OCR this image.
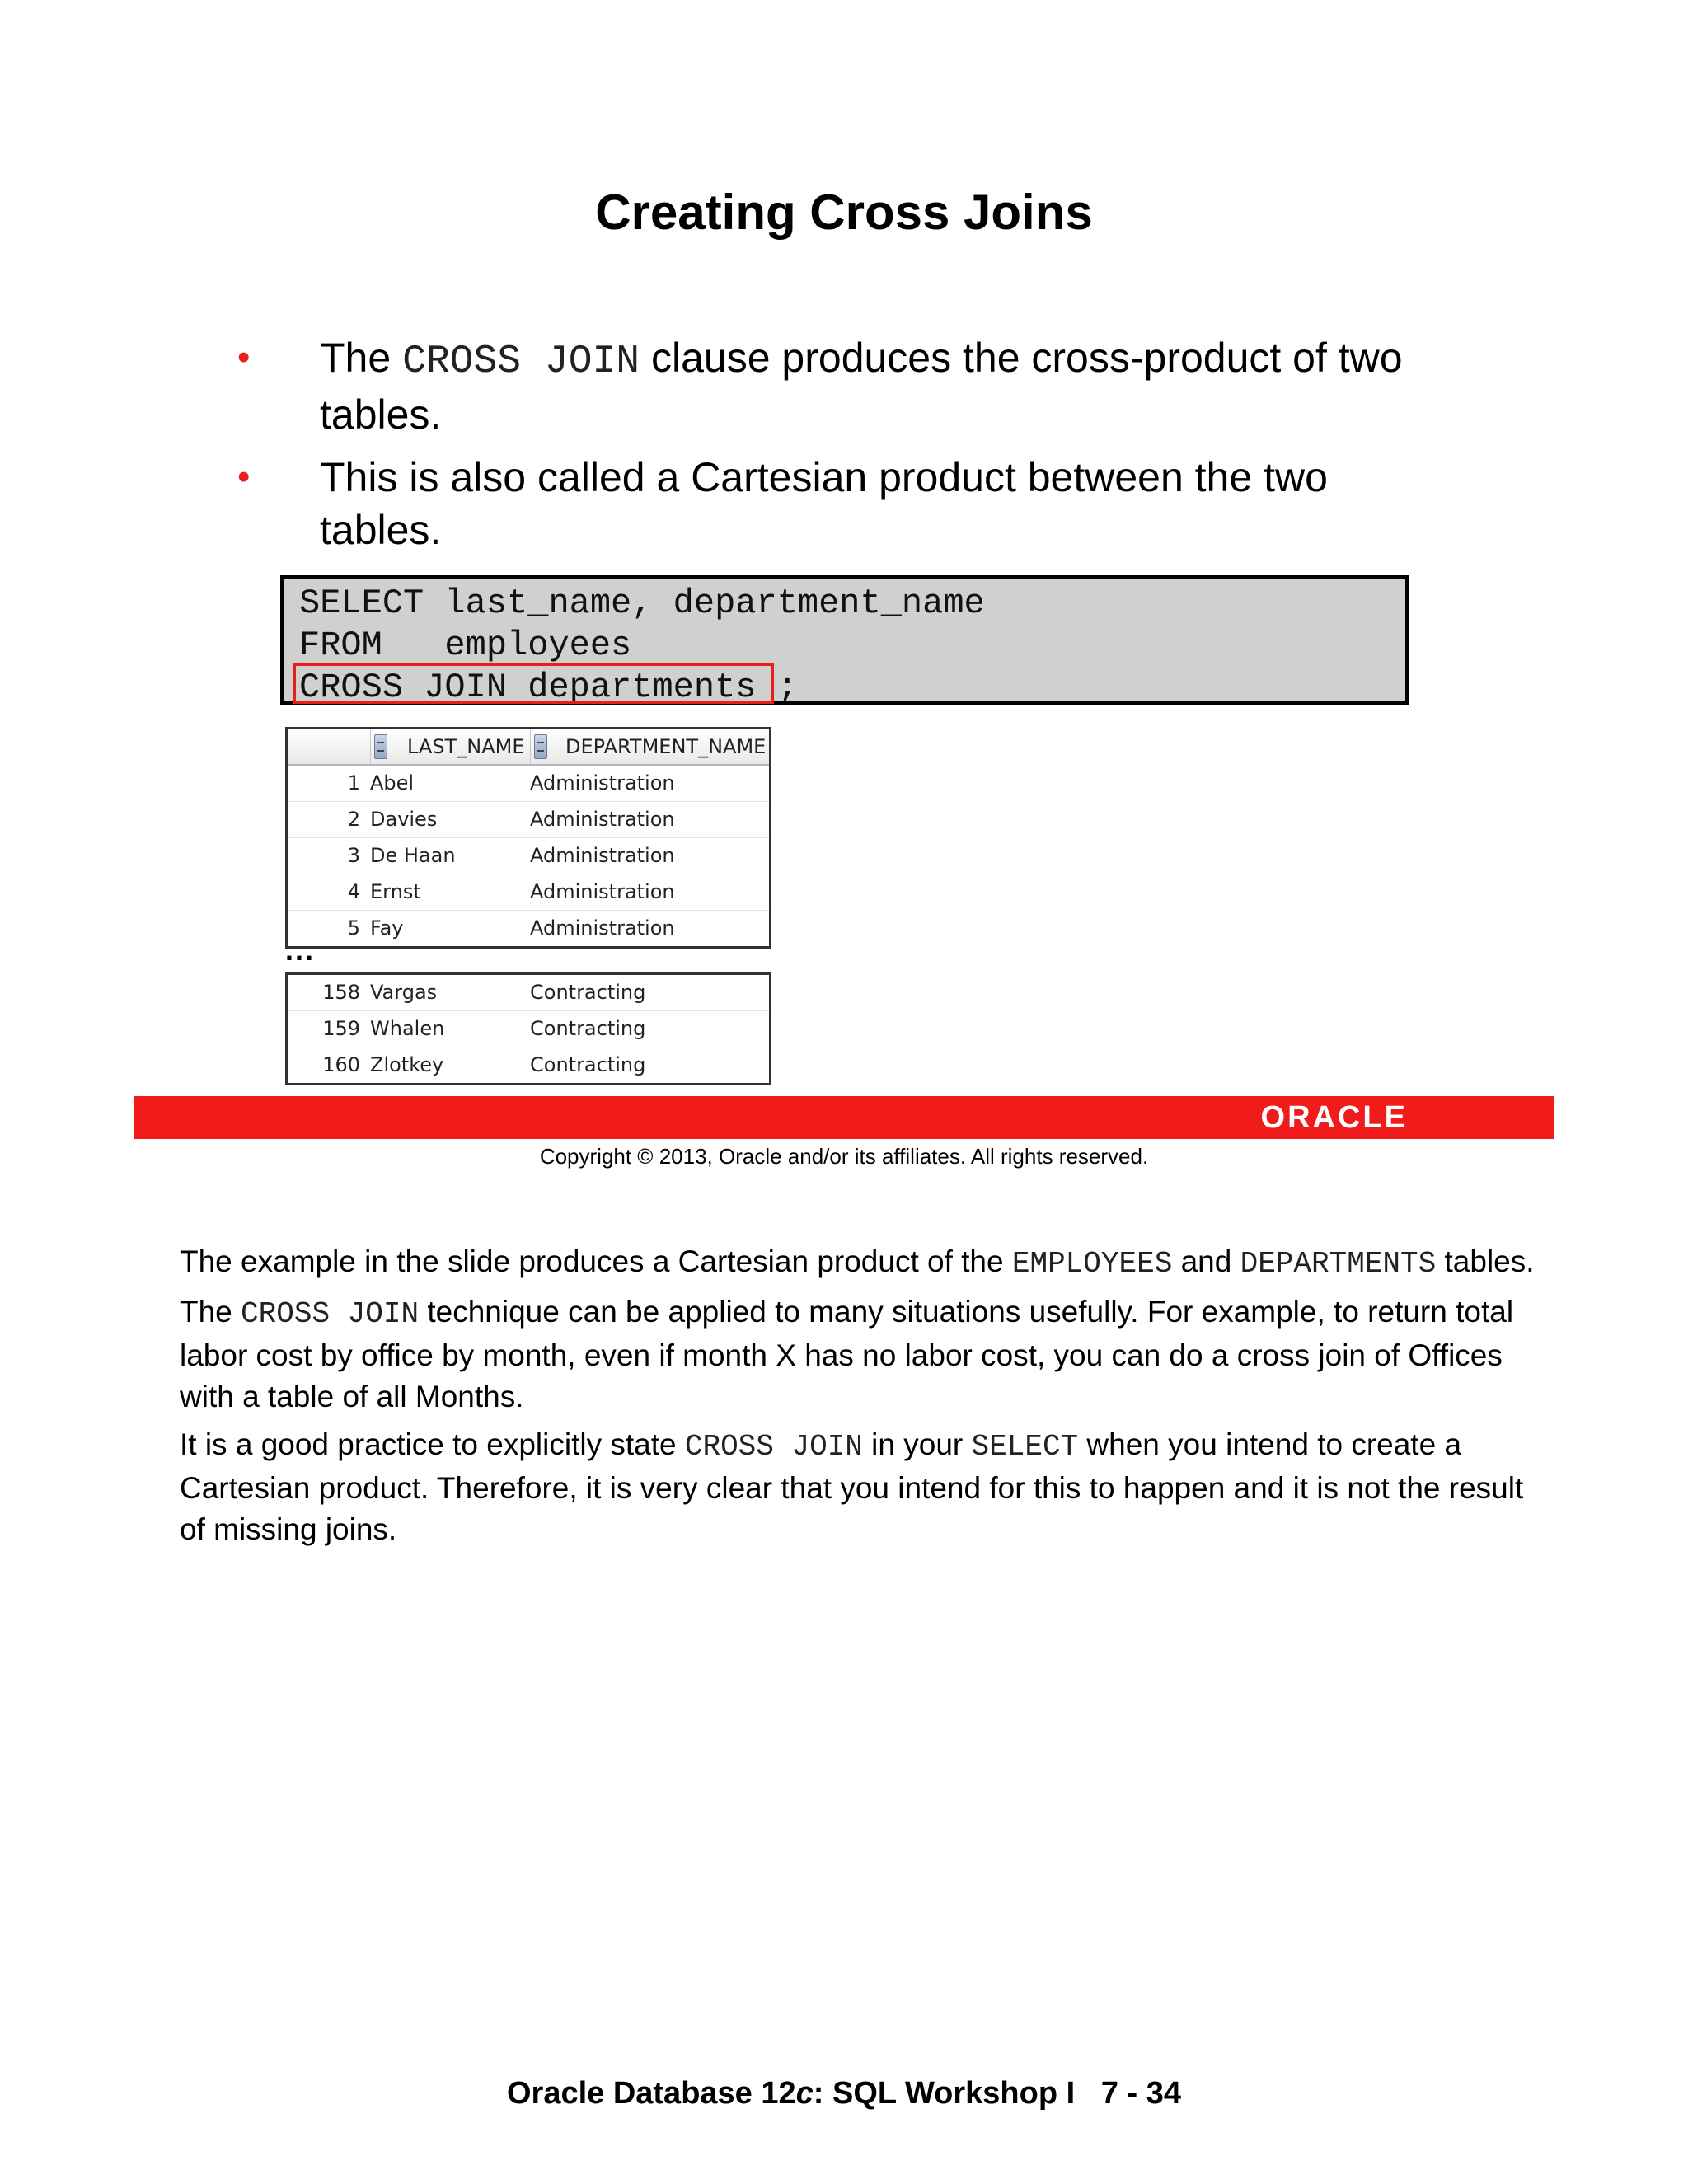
Creating Cross Joins
• The CROSS JOIN clause produces the cross-product of two tables.
• This is also called a Cartesian product between the two tables.
SELECT last_name, department_name
FROM   employees
CROSS JOIN departments ;
LAST_NAME	DEPARTMENT_NAME
1 Abel	Administration
2 Davies	Administration
3 De Haan	Administration
4 Ernst	Administration
5 Fay	Administration
...
158 Vargas	Contracting
159 Whalen	Contracting
160 Zlotkey	Contracting
ORACLE
Copyright © 2013, Oracle and/or its affiliates. All rights reserved.

The example in the slide produces a Cartesian product of the EMPLOYEES and DEPARTMENTS tables.

The CROSS JOIN technique can be applied to many situations usefully. For example, to return total labor cost by office by month, even if month X has no labor cost, you can do a cross join of Offices with a table of all Months.

It is a good practice to explicitly state CROSS JOIN in your SELECT when you intend to create a Cartesian product. Therefore, it is very clear that you intend for this to happen and it is not the result of missing joins.

Oracle Database 12c: SQL Workshop I   7 - 34
